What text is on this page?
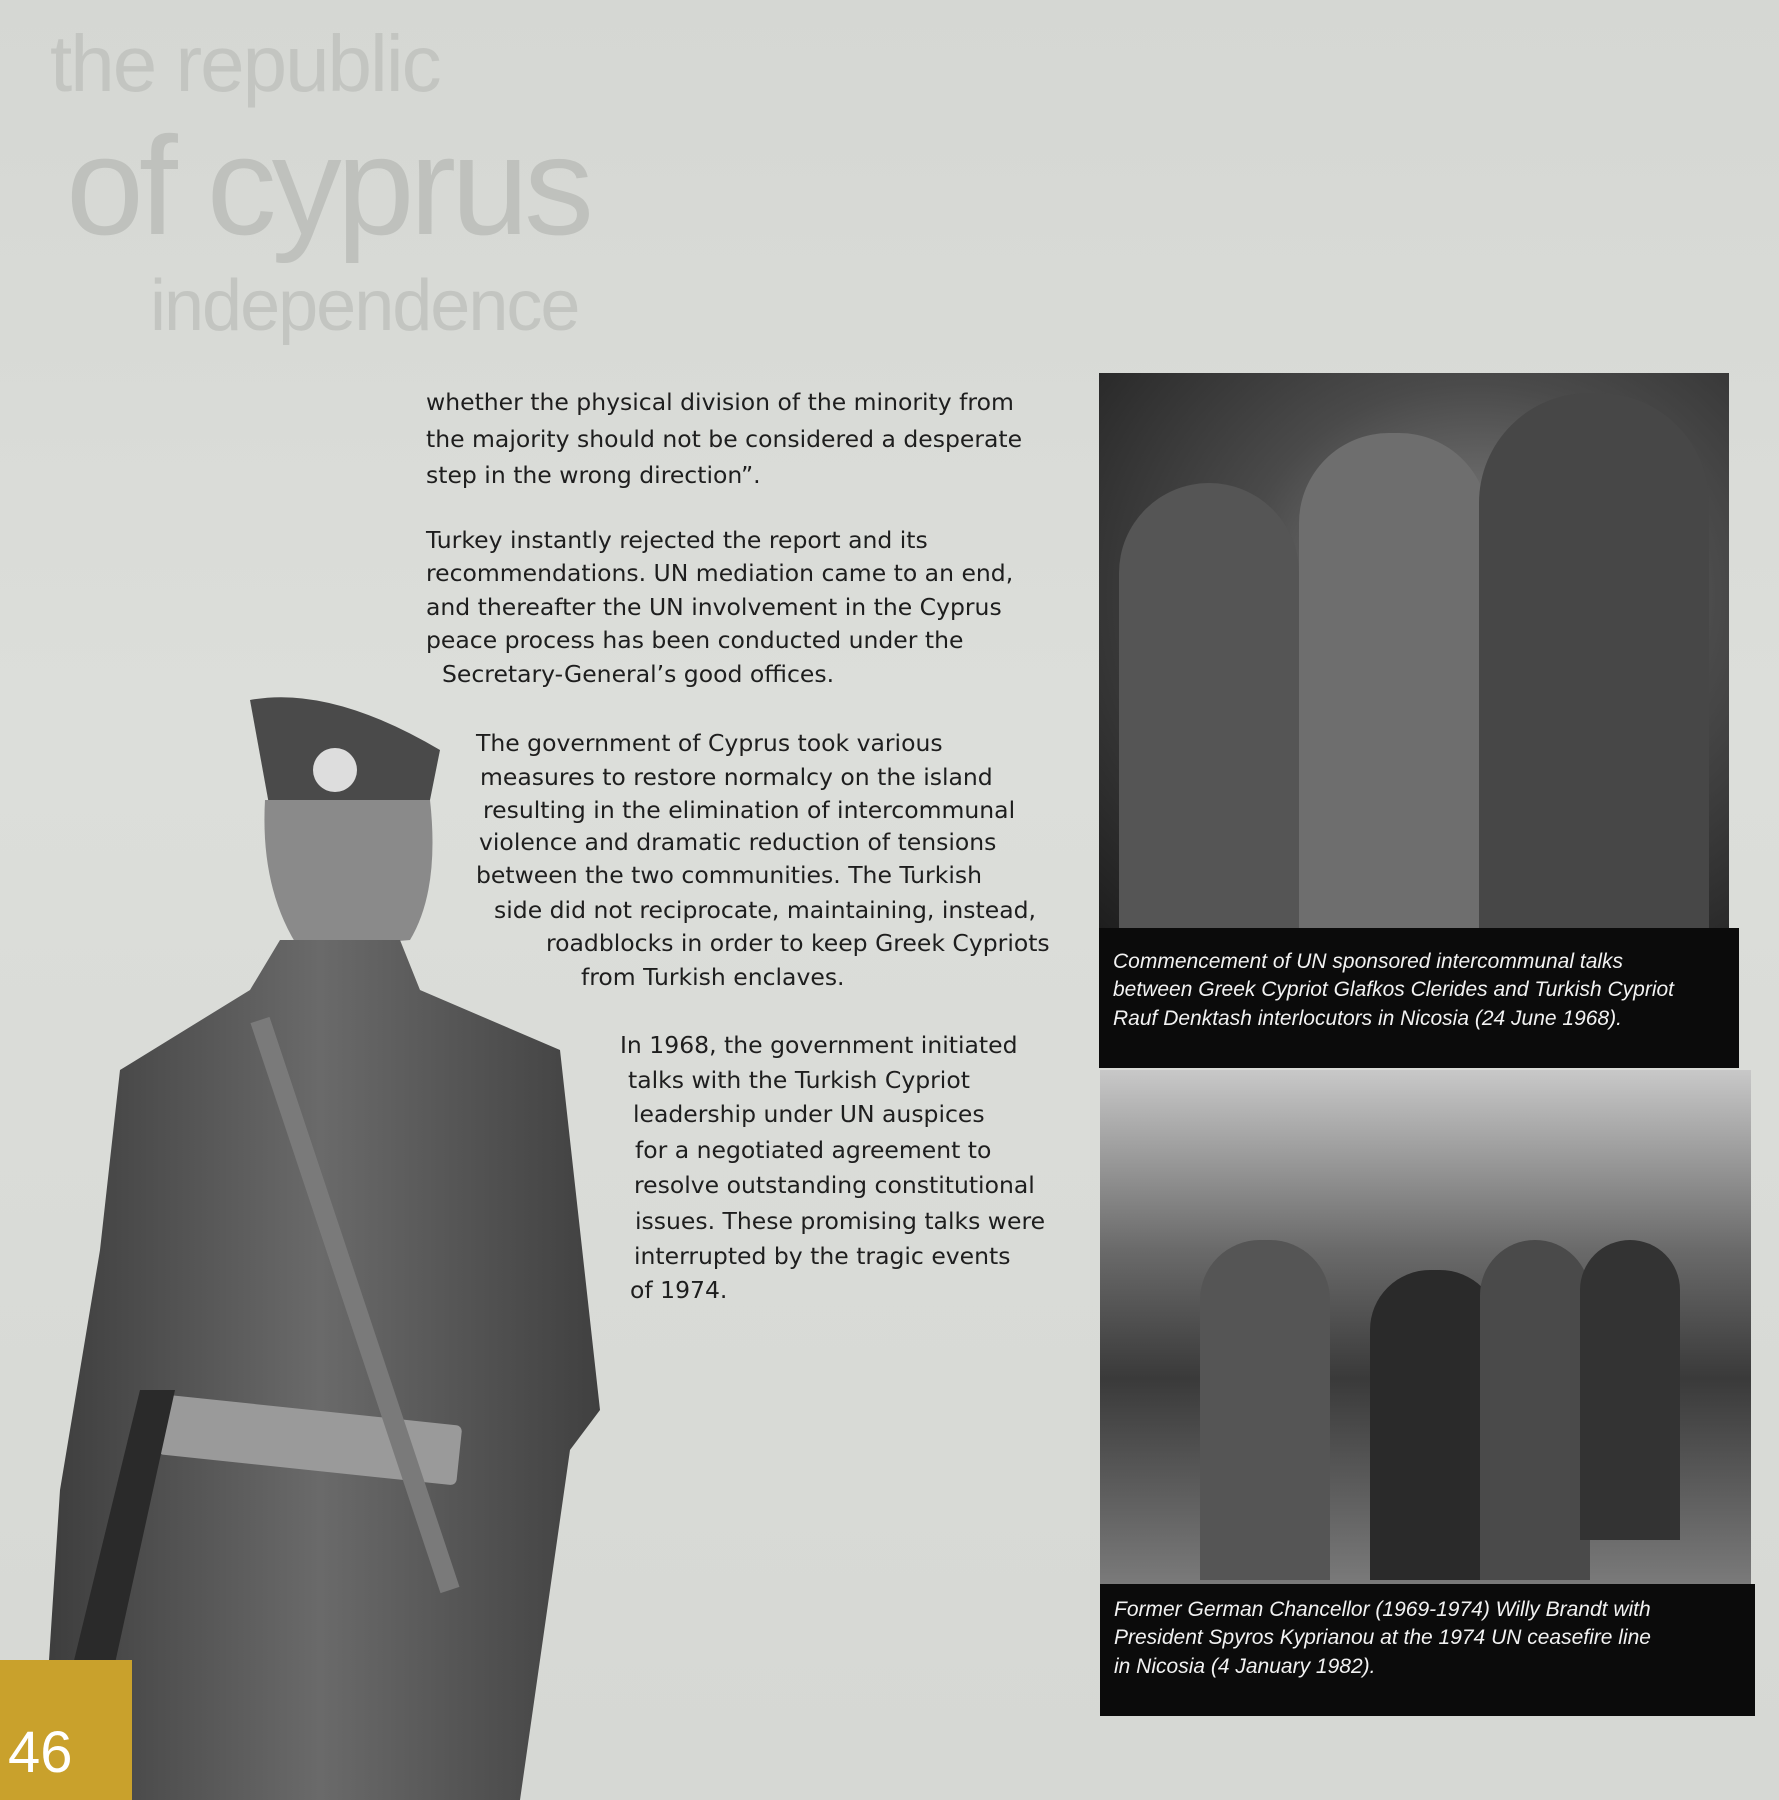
the republic
of cyprus
independence
whether the physical division of the minority from
the majority should not be considered a desperate
step in the wrong direction”.
Turkey instantly rejected the report and its
recommendations. UN mediation came to an end,
and thereafter the UN involvement in the Cyprus
peace process has been conducted under the
Secretary-General’s good offices.
The government of Cyprus took various
measures to restore normalcy on the island
resulting in the elimination of intercommunal
violence and dramatic reduction of tensions
between the two communities. The Turkish
side did not reciprocate, maintaining, instead,
roadblocks in order to keep Greek Cypriots
from Turkish enclaves.
In 1968, the government initiated
talks with the Turkish Cypriot
leadership under UN auspices
for a negotiated agreement to
resolve outstanding constitutional
issues. These promising talks were
interrupted by the tragic events
of 1974.
Commencement of UN sponsored intercommunal talks
between Greek Cypriot Glafkos Clerides and Turkish Cypriot
Rauf Denktash interlocutors in Nicosia (24 June 1968).
Former German Chancellor (1969-1974) Willy Brandt with
President Spyros Kyprianou at the 1974 UN ceasefire line
in Nicosia (4 January 1982).
46
